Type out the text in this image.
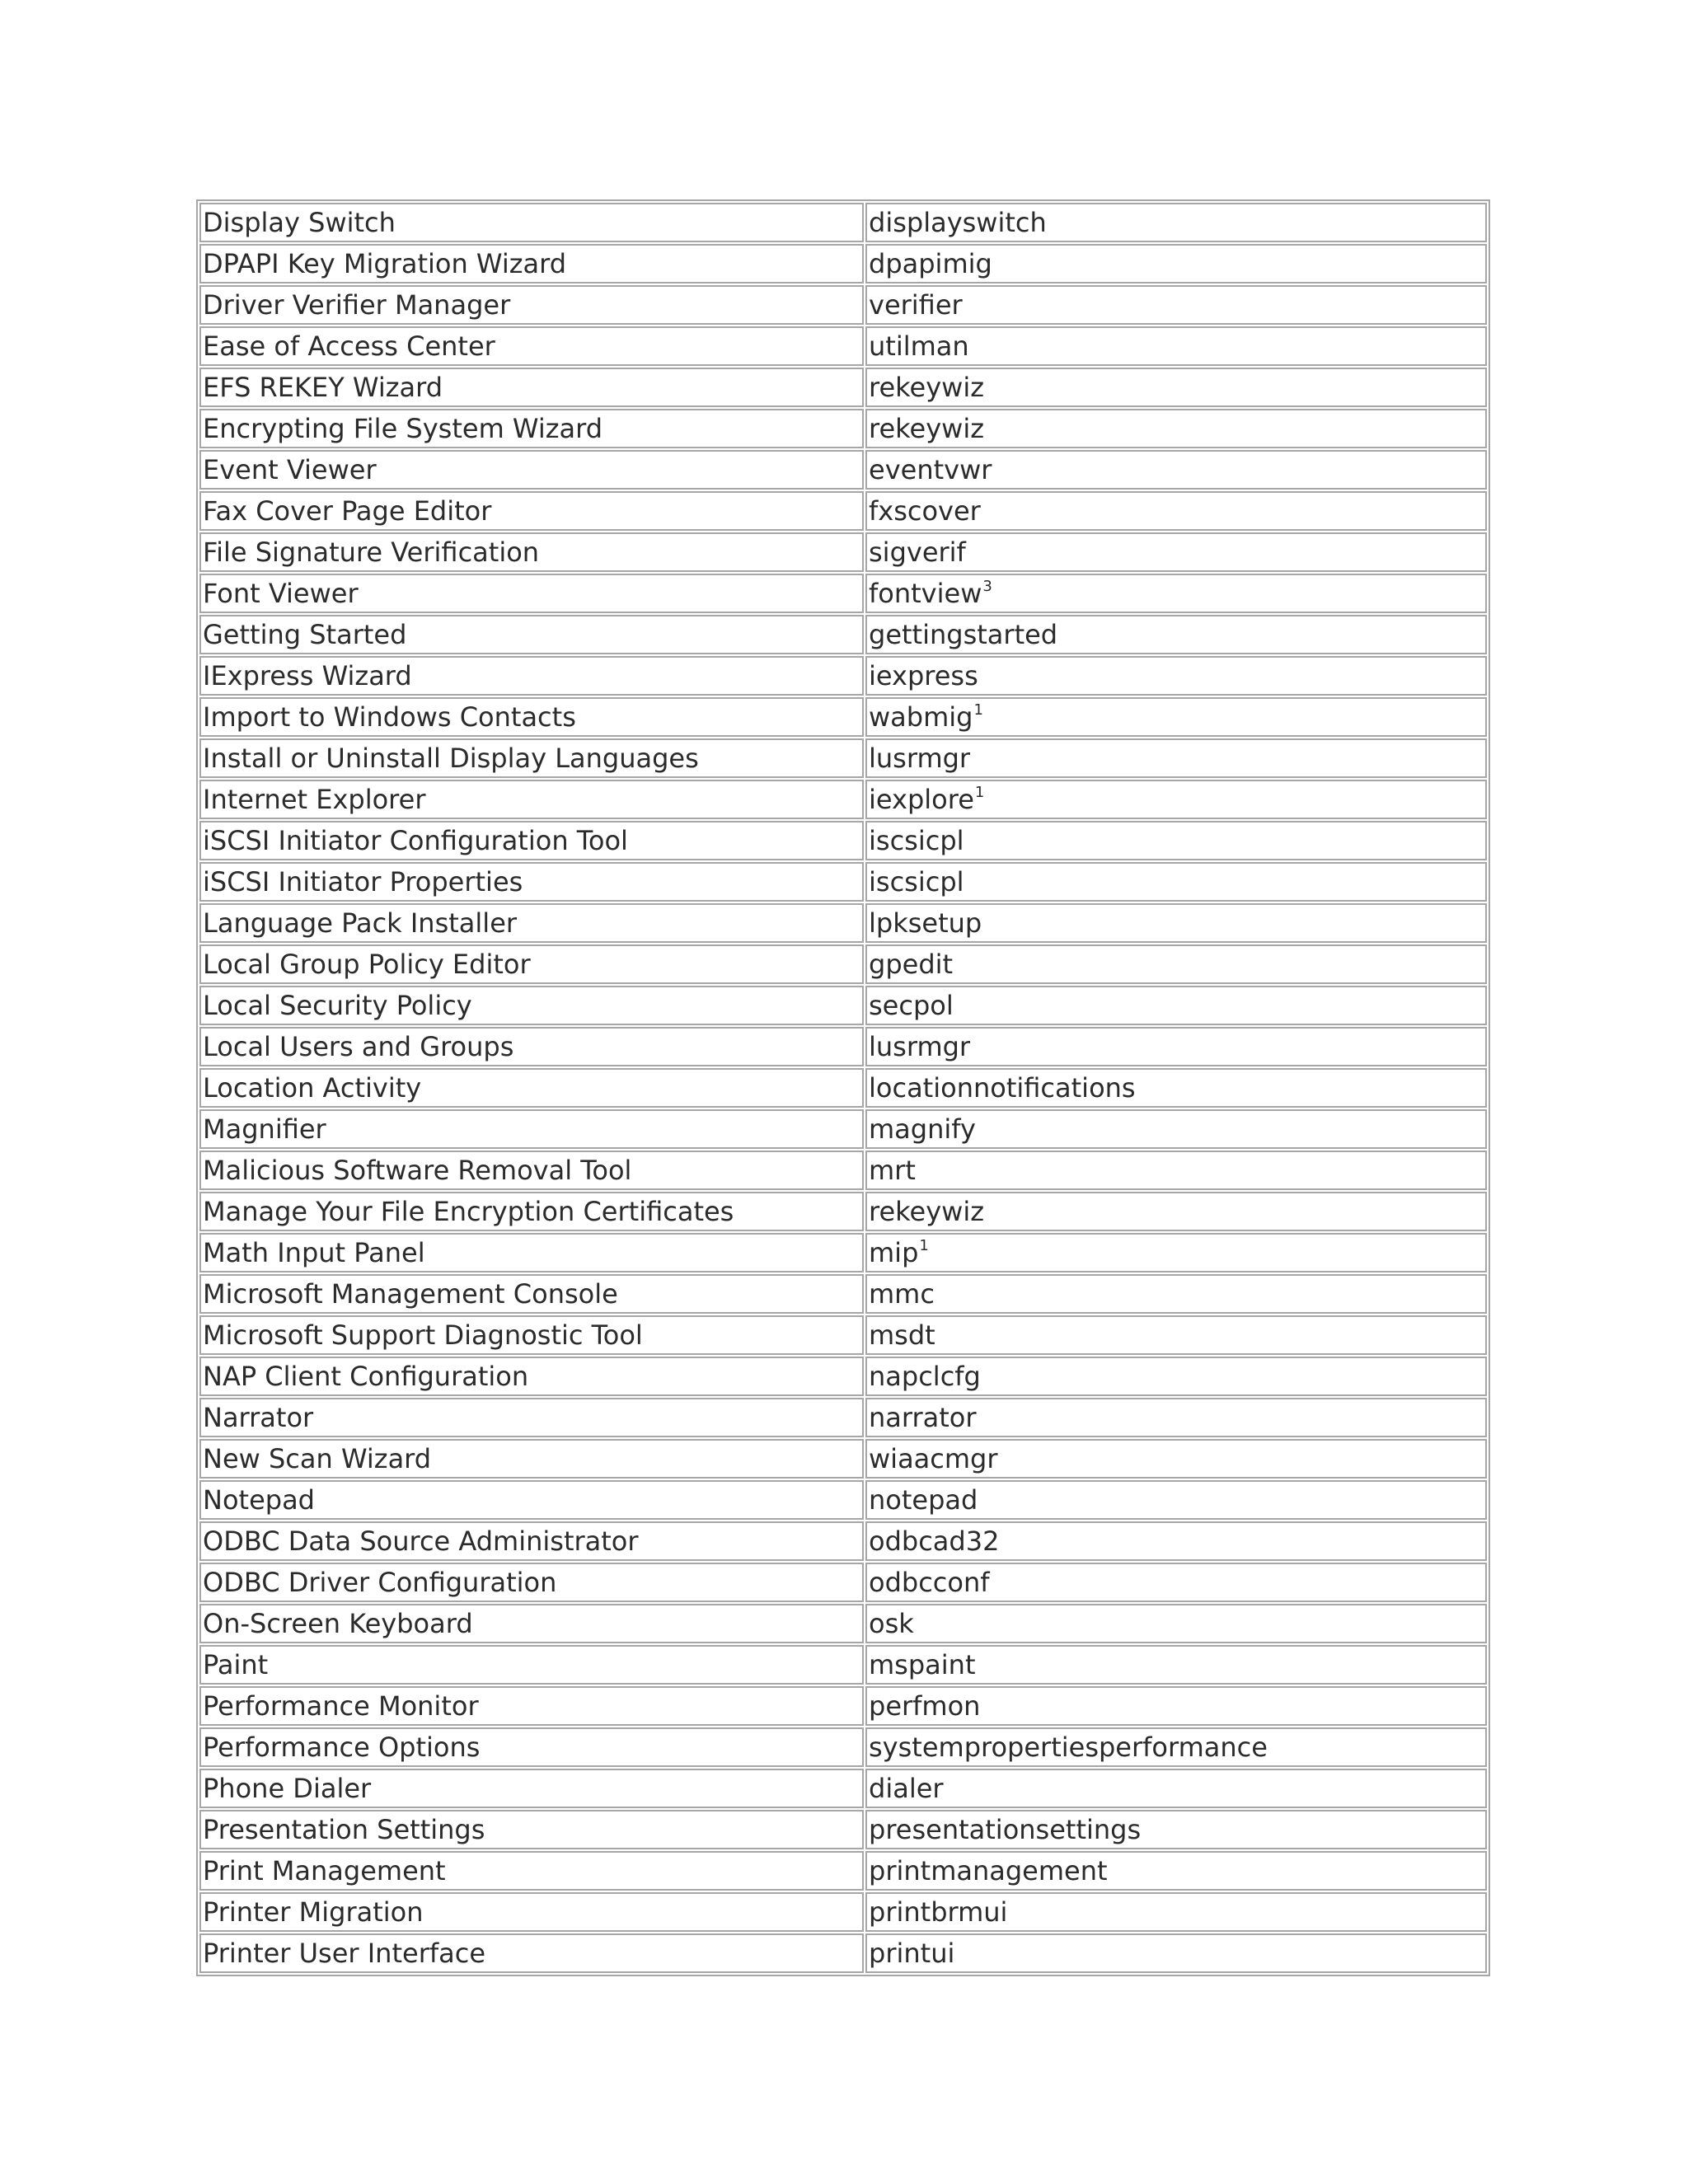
Display Switch	displayswitch
DPAPI Key Migration Wizard	dpapimig
Driver Verifier Manager	verifier
Ease of Access Center	utilman
EFS REKEY Wizard	rekeywiz
Encrypting File System Wizard	rekeywiz
Event Viewer	eventvwr
Fax Cover Page Editor	fxscover
File Signature Verification	sigverif
Font Viewer	fontview$^3$
Getting Started	gettingstarted
IExpress Wizard	iexpress
Import to Windows Contacts	wabmig$^1$
Install or Uninstall Display Languages	lusrmgr
Internet Explorer	iexplore$^1$
iSCSI Initiator Configuration Tool	iscsicpl
iSCSI Initiator Properties	iscsicpl
Language Pack Installer	lpksetup
Local Group Policy Editor	gpedit
Local Security Policy	secpol
Local Users and Groups	lusrmgr
Location Activity	locationnotifications
Magnifier	magnify
Malicious Software Removal Tool	mrt
Manage Your File Encryption Certificates	rekeywiz
Math Input Panel	mip$^1$
Microsoft Management Console	mmc
Microsoft Support Diagnostic Tool	msdt
NAP Client Configuration	napclcfg
Narrator	narrator
New Scan Wizard	wiaacmgr
Notepad	notepad
ODBC Data Source Administrator	odbcad32
ODBC Driver Configuration	odbcconf
On-Screen Keyboard	osk
Paint	mspaint
Performance Monitor	perfmon
Performance Options	systempropertiesperformance
Phone Dialer	dialer
Presentation Settings	presentationsettings
Print Management	printmanagement
Printer Migration	printbrmui
Printer User Interface	printui
